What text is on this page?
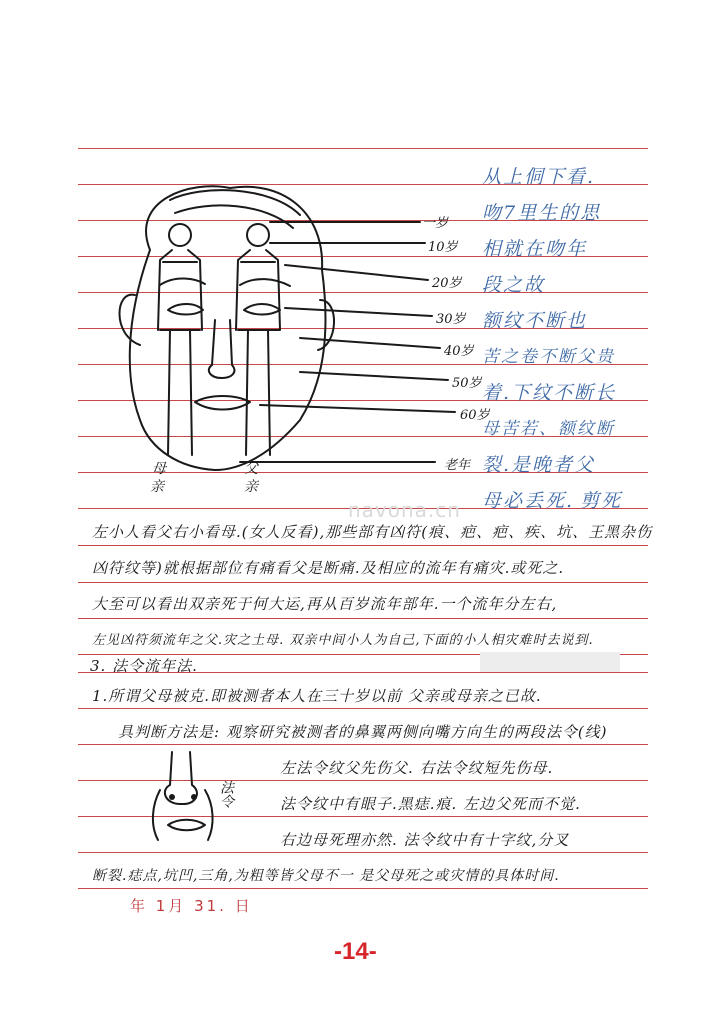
一岁
10岁
20岁
30岁
40岁
50岁
60岁
老年
母
亲
父
亲
从上侗下看.
吻7里生的思
相就在吻年
段之故
额纹不断也
苦之卷不断父贵
着.下纹不断长
母苦若、额纹断
裂.是晚者父
母必丢死. 剪死
navona.cn
左小人看父右小看母.(女人反看),那些部有凶符(痕、疤、疤、疾、坑、王黑杂伤
凶符纹等)就根据部位有痛看父是断痛.及相应的流年有痛灾.或死之.
大至可以看出双亲死于何大运,再从百岁流年部年.一个流年分左右,
左见凶符须流年之父.灾之土母. 双亲中间小人为自己,下面的小人相灾难时去说到.
3. 法令流年法.
1.所谓父母被克.即被测者本人在三十岁以前 父亲或母亲之已故.
具判断方法是: 观察研究被测者的鼻翼两侧向嘴方向生的两段法令(线)
左法令纹父先伤父. 右法令纹短先伤母.
法令纹中有眼子.黑痣.痕. 左边父死而不觉.
右边母死理亦然. 法令纹中有十字纹,分叉
断裂.痣点,坑凹,三角,为粗等皆父母不一 是父母死之或灾情的具体时间.
法令
年 1月 31. 日
-14-
